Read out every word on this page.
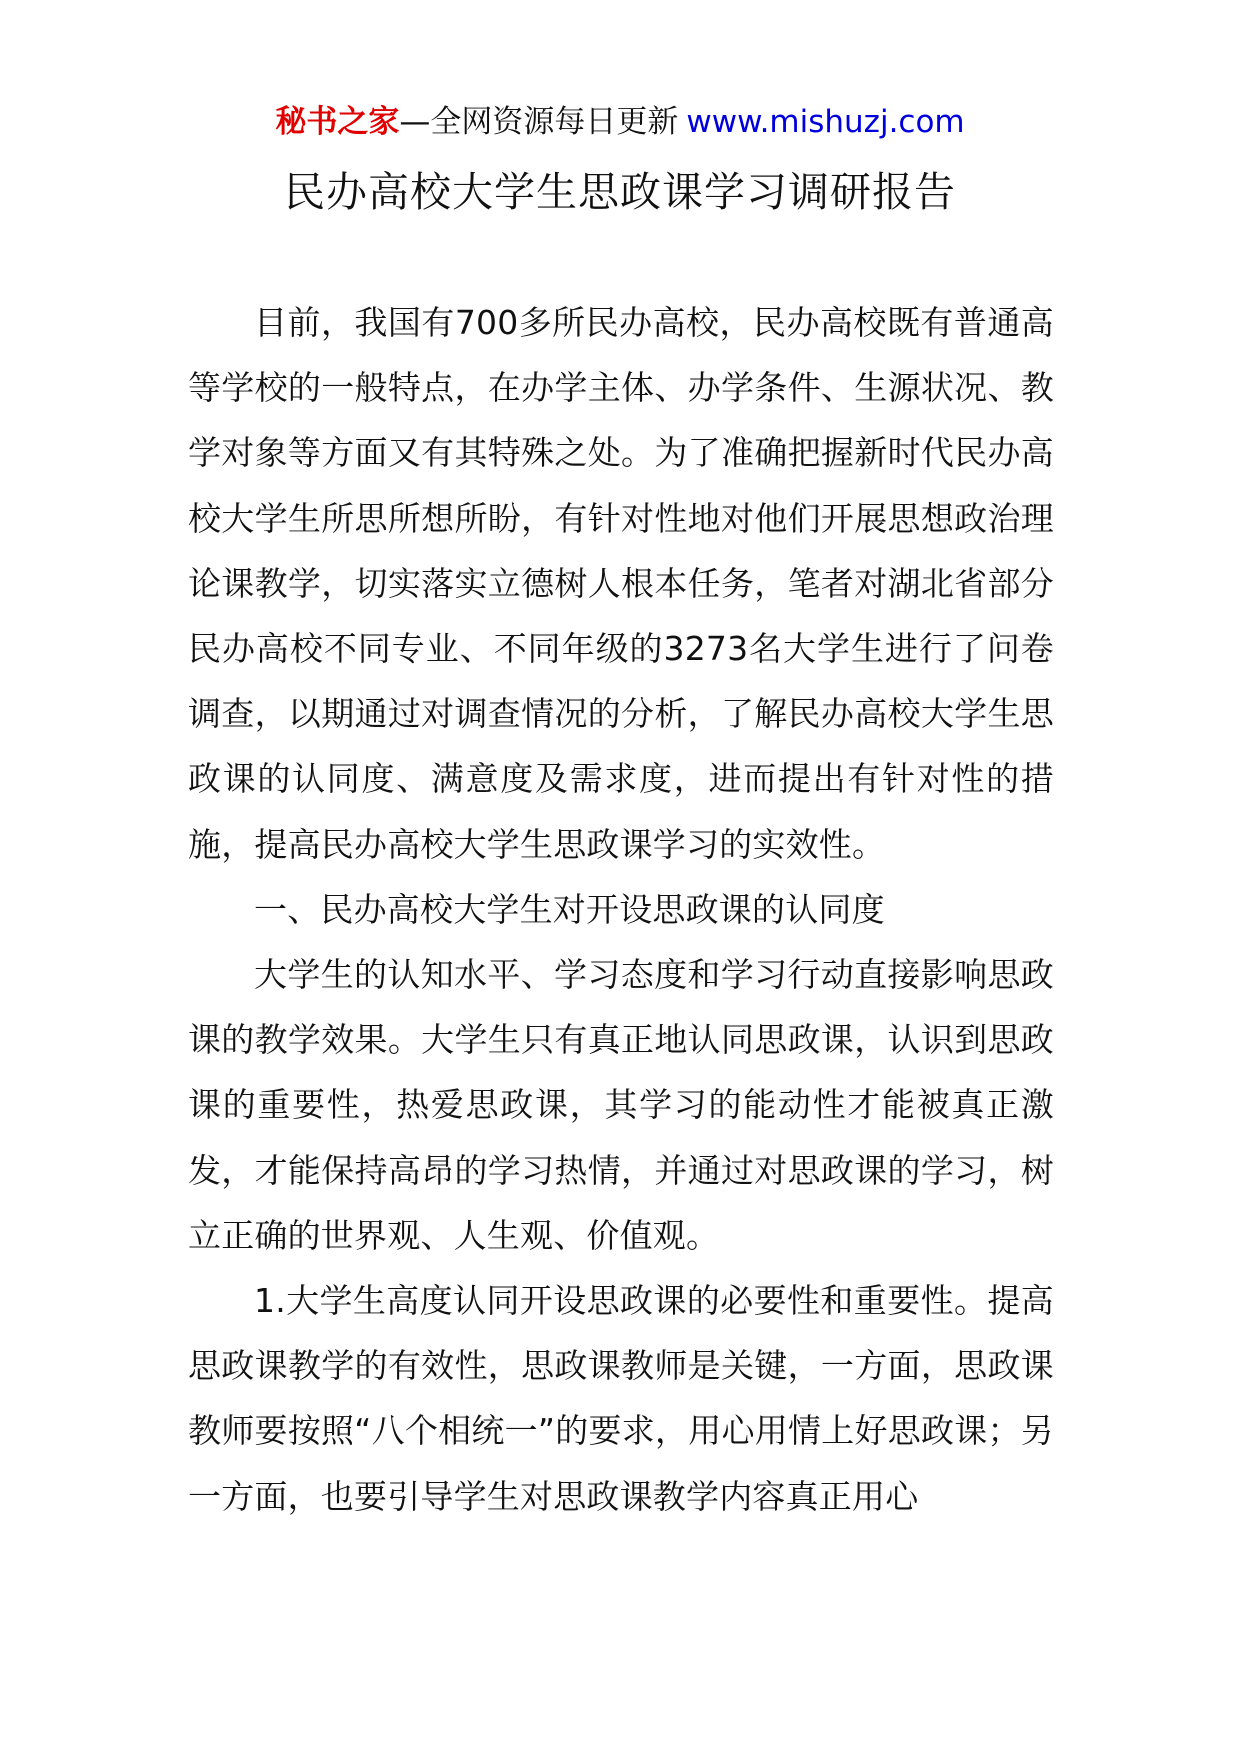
秘书之家—全网资源每日更新 www.mishuzj.com
民办高校大学生思政课学习调研报告

目前，我国有700多所民办高校，民办高校既有普通高等学校的一般特点，在办学主体、办学条件、生源状况、教学对象等方面又有其特殊之处。为了准确把握新时代民办高校大学生所思所想所盼，有针对性地对他们开展思想政治理论课教学，切实落实立德树人根本任务，笔者对湖北省部分民办高校不同专业、不同年级的3273名大学生进行了问卷调查，以期通过对调查情况的分析，了解民办高校大学生思政课的认同度、满意度及需求度，进而提出有针对性的措施，提高民办高校大学生思政课学习的实效性。

一、民办高校大学生对开设思政课的认同度

大学生的认知水平、学习态度和学习行动直接影响思政课的教学效果。大学生只有真正地认同思政课，认识到思政课的重要性，热爱思政课，其学习的能动性才能被真正激发，才能保持高昂的学习热情，并通过对思政课的学习，树立正确的世界观、人生观、价值观。

1.大学生高度认同开设思政课的必要性和重要性。提高思政课教学的有效性，思政课教师是关键，一方面，思政课教师要按照“八个相统一”的要求，用心用情上好思政课；另一方面，也要引导学生对思政课教学内容真正用心
